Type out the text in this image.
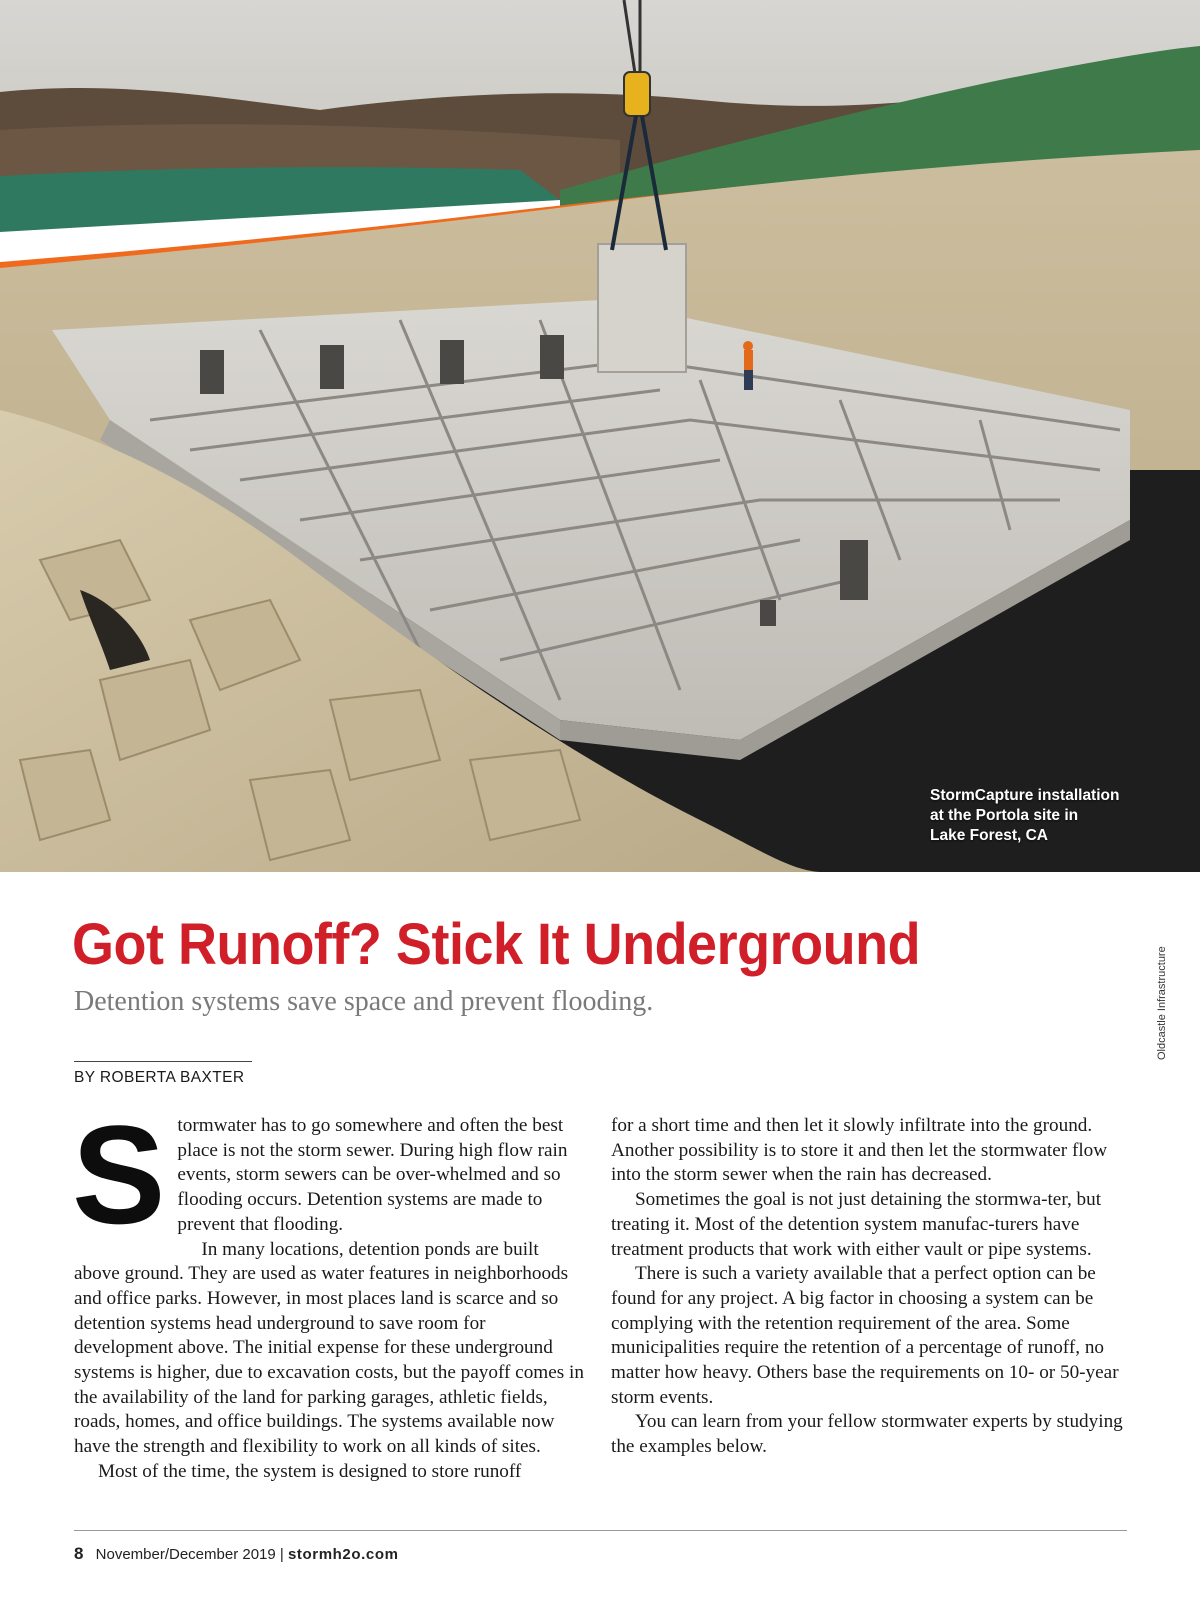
StormCapture installation
at the Portola site in
Lake Forest, CA
Oldcastle Infrastructure
Got Runoff? Stick It Underground
Detention systems save space and prevent flooding.
BY ROBERTA BAXTER

Stormwater has to go somewhere and often the best place is not the storm sewer. During high flow rain events, storm sewers can be over-whelmed and so flooding occurs. Detention systems are made to prevent that flooding.

In many locations, detention ponds are built above ground. They are used as water features in neighborhoods and office parks. However, in most places land is scarce and so detention systems head underground to save room for development above. The initial expense for these underground systems is higher, due to excavation costs, but the payoff comes in the availability of the land for parking garages, athletic fields, roads, homes, and office buildings. The systems available now have the strength and flexibility to work on all kinds of sites.

Most of the time, the system is designed to store runoff

for a short time and then let it slowly infiltrate into the ground. Another possibility is to store it and then let the stormwater flow into the storm sewer when the rain has decreased.

Sometimes the goal is not just detaining the stormwa-ter, but treating it. Most of the detention system manufac-turers have treatment products that work with either vault or pipe systems.

There is such a variety available that a perfect option can be found for any project. A big factor in choosing a system can be complying with the retention requirement of the area. Some municipalities require the retention of a percentage of runoff, no matter how heavy. Others base the requirements on 10- or 50-year storm events.

You can learn from your fellow stormwater experts by studying the examples below.

8 November/December 2019 | stormh2o.com
